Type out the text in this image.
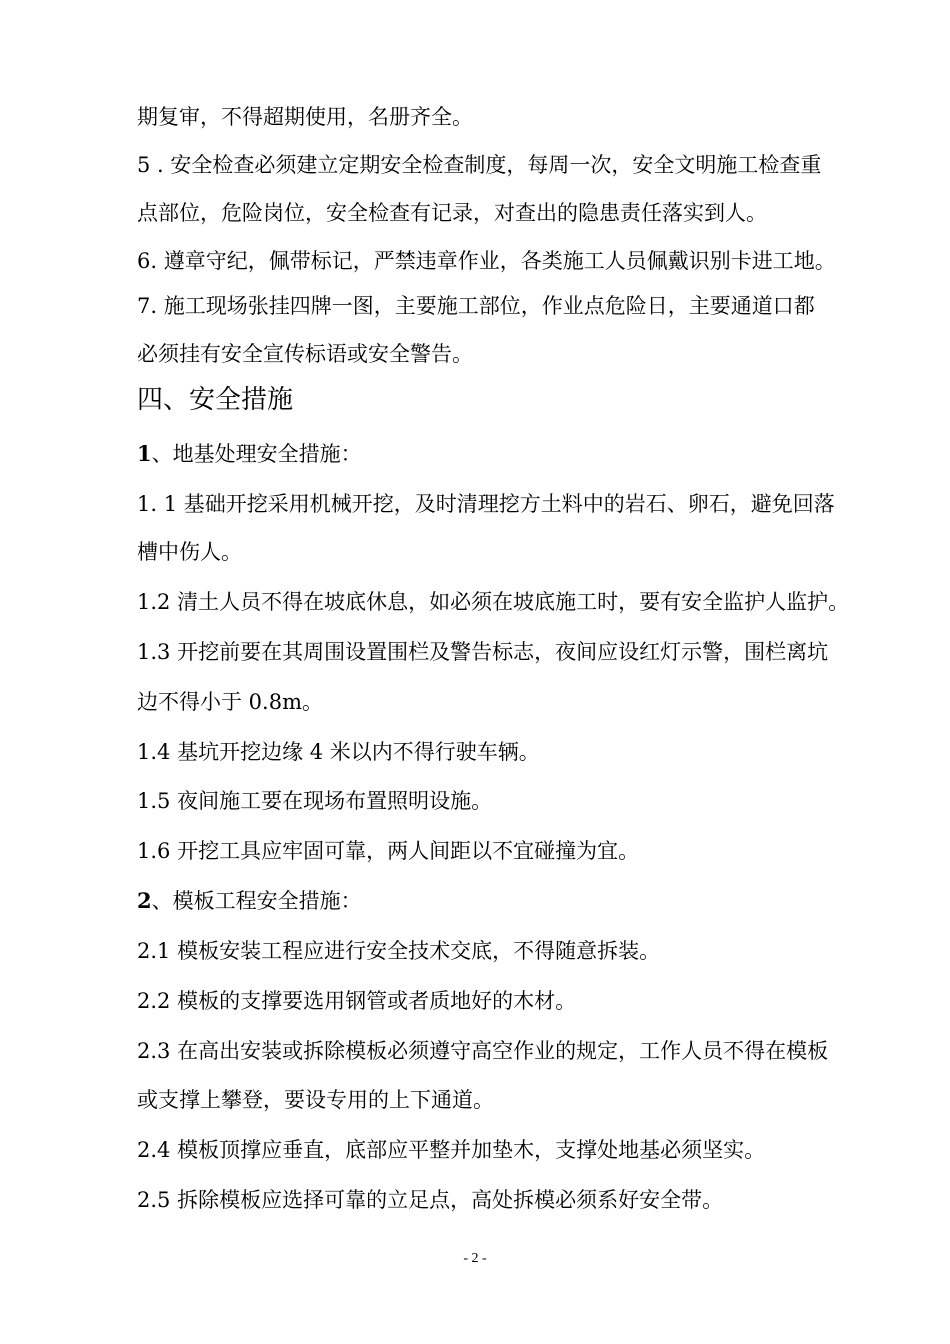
期复审，不得超期使用，名册齐全。

5 . 安全检查必须建立定期安全检查制度，每周一次，安全文明施工检查重

点部位，危险岗位，安全检查有记录，对查出的隐患责任落实到人。

6. 遵章守纪，佩带标记，严禁违章作业，各类施工人员佩戴识别卡进工地。

7. 施工现场张挂四牌一图，主要施工部位，作业点危险日，主要通道口都

必须挂有安全宣传标语或安全警告。

四、安全措施

1、地基处理安全措施：

1. 1 基础开挖采用机械开挖，及时清理挖方土料中的岩石、卵石，避免回落

槽中伤人。

1.2 清土人员不得在坡底休息，如必须在坡底施工时，要有安全监护人监护。

1.3 开挖前要在其周围设置围栏及警告标志，夜间应设红灯示警，围栏离坑

边不得小于 0.8m。

1.4 基坑开挖边缘 4 米以内不得行驶车辆。

1.5 夜间施工要在现场布置照明设施。

1.6 开挖工具应牢固可靠，两人间距以不宜碰撞为宜。

2、模板工程安全措施：

2.1 模板安装工程应进行安全技术交底，不得随意拆装。

2.2 模板的支撑要选用钢管或者质地好的木材。

2.3 在高出安装或拆除模板必须遵守高空作业的规定，工作人员不得在模板

或支撑上攀登，要设专用的上下通道。

2.4 模板顶撑应垂直，底部应平整并加垫木，支撑处地基必须坚实。

2.5 拆除模板应选择可靠的立足点，高处拆模必须系好安全带。

- 2 -
